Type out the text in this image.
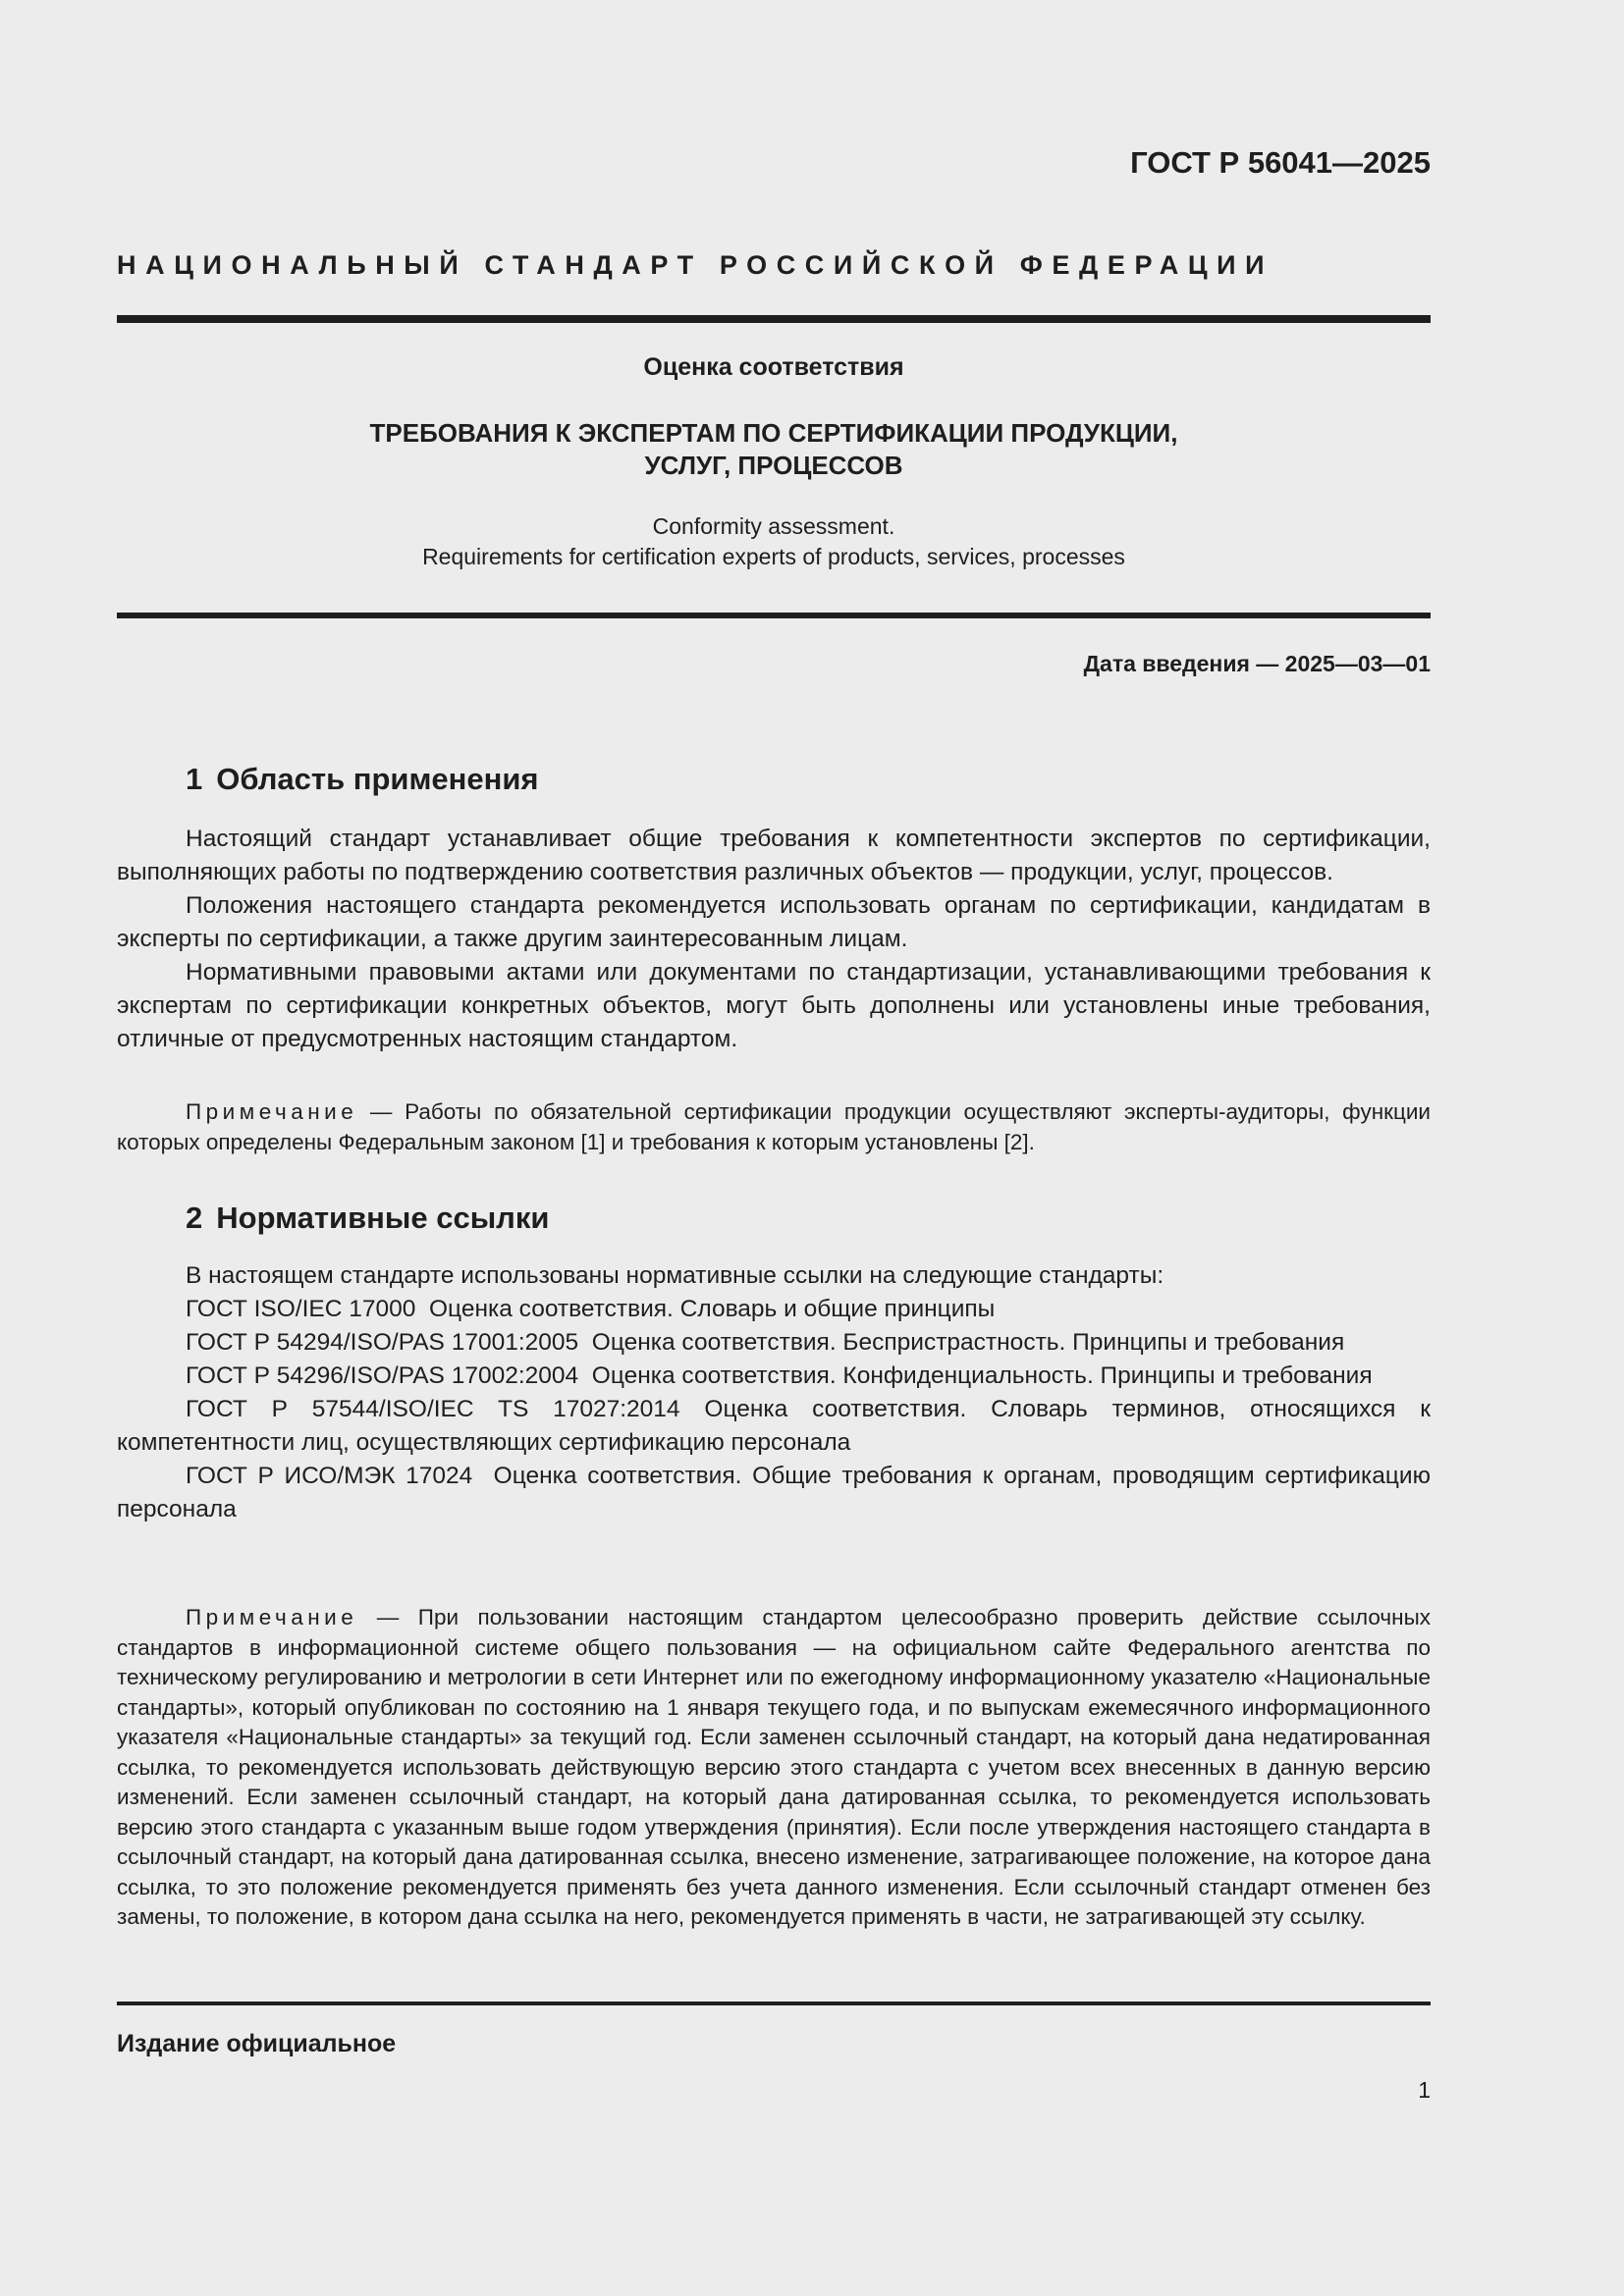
ГОСТ Р 56041—2025
НАЦИОНАЛЬНЫЙ СТАНДАРТ РОССИЙСКОЙ ФЕДЕРАЦИИ
Оценка соответствия
ТРЕБОВАНИЯ К ЭКСПЕРТАМ ПО СЕРТИФИКАЦИИ ПРОДУКЦИИ,
УСЛУГ, ПРОЦЕССОВ
Conformity assessment.
Requirements for certification experts of products, services, processes
Дата введения — 2025—03—01
1 Область применения

Настоящий стандарт устанавливает общие требования к компетентности экспертов по сертификации, выполняющих работы по подтверждению соответствия различных объектов — продукции, услуг, процессов.

Положения настоящего стандарта рекомендуется использовать органам по сертификации, кандидатам в эксперты по сертификации, а также другим заинтересованным лицам.

Нормативными правовыми актами или документами по стандартизации, устанавливающими требования к экспертам по сертификации конкретных объектов, могут быть дополнены или установлены иные требования, отличные от предусмотренных настоящим стандартом.

Примечание — Работы по обязательной сертификации продукции осуществляют эксперты-аудиторы, функции которых определены Федеральным законом [1] и требования к которым установлены [2].

2 Нормативные ссылки

В настоящем стандарте использованы нормативные ссылки на следующие стандарты:

ГОСТ ISO/IEC 17000  Оценка соответствия. Словарь и общие принципы

ГОСТ Р 54294/ISO/PAS 17001:2005  Оценка соответствия. Беспристрастность. Принципы и требования

ГОСТ Р 54296/ISO/PAS 17002:2004  Оценка соответствия. Конфиденциальность. Принципы и требования

ГОСТ Р 57544/ISO/IEC TS 17027:2014 Оценка соответствия. Словарь терминов, относящихся к компетентности лиц, осуществляющих сертификацию персонала

ГОСТ Р ИСО/МЭК 17024  Оценка соответствия. Общие требования к органам, проводящим сертификацию персонала

Примечание — При пользовании настоящим стандартом целесообразно проверить действие ссылочных стандартов в информационной системе общего пользования — на официальном сайте Федерального агентства по техническому регулированию и метрологии в сети Интернет или по ежегодному информационному указателю «Национальные стандарты», который опубликован по состоянию на 1 января текущего года, и по выпускам ежемесячного информационного указателя «Национальные стандарты» за текущий год. Если заменен ссылочный стандарт, на который дана недатированная ссылка, то рекомендуется использовать действующую версию этого стандарта с учетом всех внесенных в данную версию изменений. Если заменен ссылочный стандарт, на который дана датированная ссылка, то рекомендуется использовать версию этого стандарта с указанным выше годом утверждения (принятия). Если после утверждения настоящего стандарта в ссылочный стандарт, на который дана датированная ссылка, внесено изменение, затрагивающее положение, на которое дана ссылка, то это положение рекомендуется применять без учета данного изменения. Если ссылочный стандарт отменен без замены, то положение, в котором дана ссылка на него, рекомендуется применять в части, не затрагивающей эту ссылку.

Издание официальное
1
